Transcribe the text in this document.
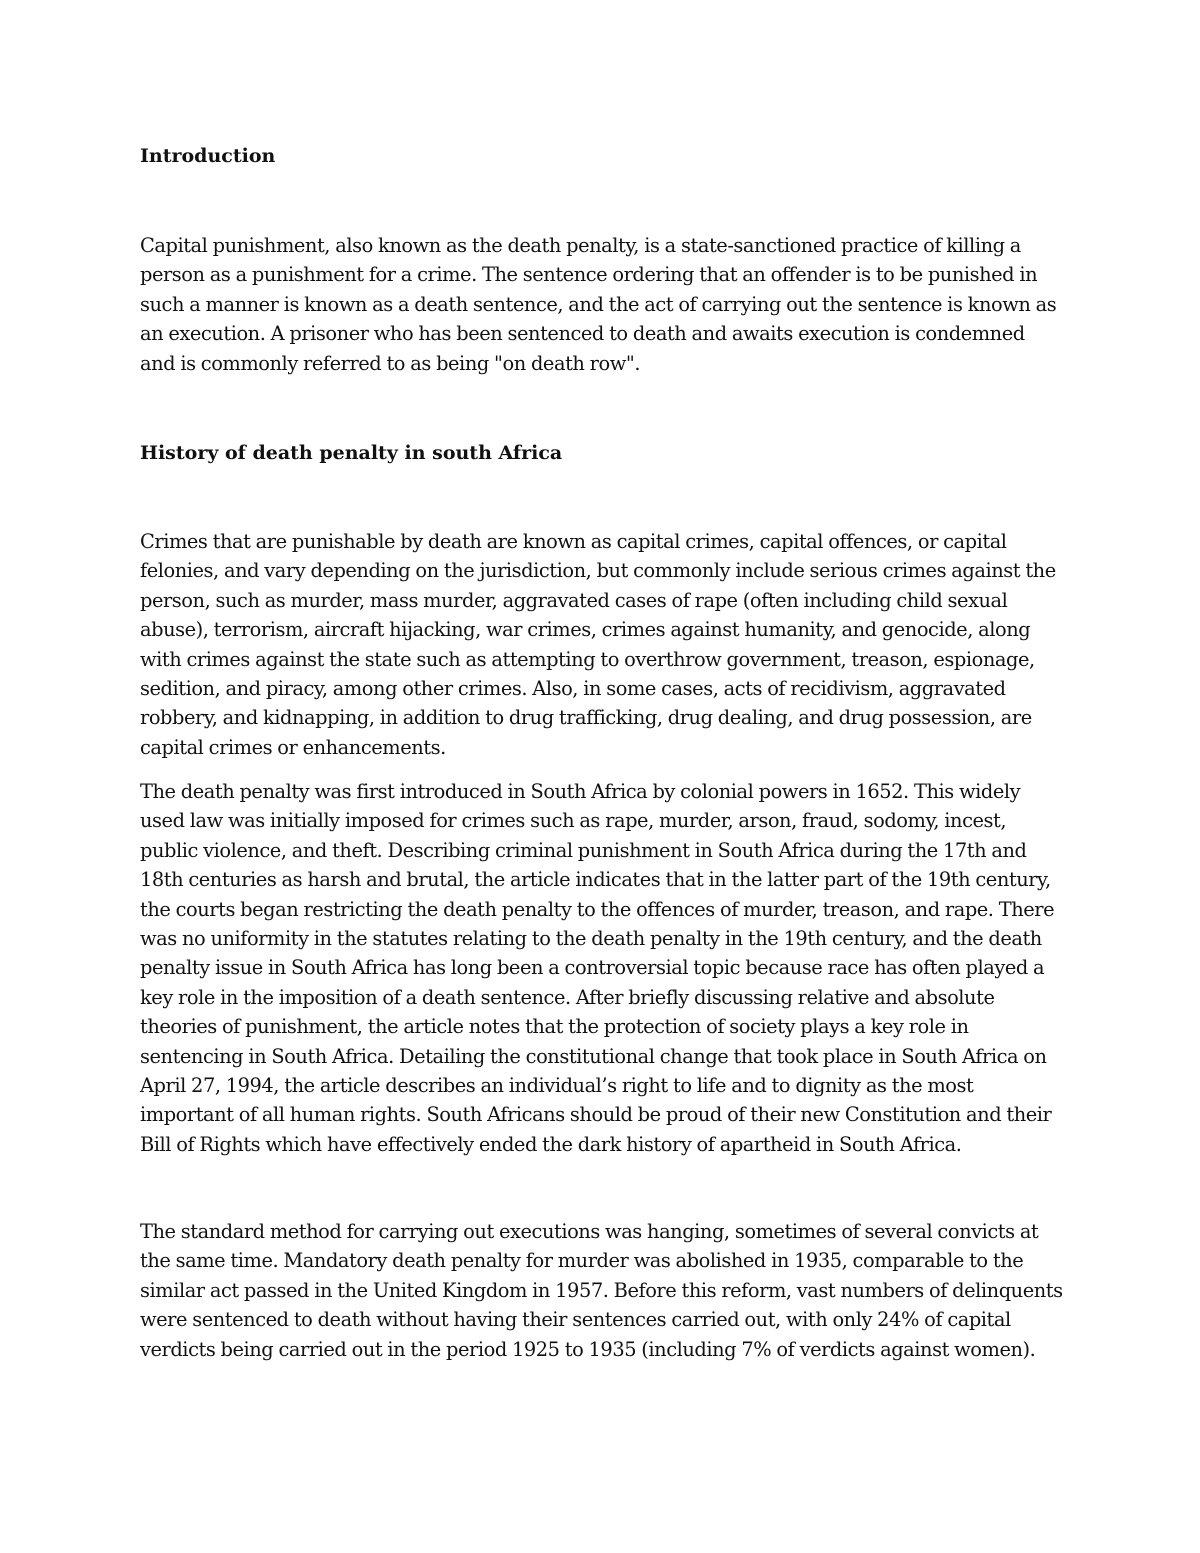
Introduction

Capital punishment, also known as the death penalty, is a state-sanctioned practice of killing a person as a punishment for a crime. The sentence ordering that an offender is to be punished in such a manner is known as a death sentence, and the act of carrying out the sentence is known as an execution. A prisoner who has been sentenced to death and awaits execution is condemned and is commonly referred to as being "on death row".

History of death penalty in south Africa

Crimes that are punishable by death are known as capital crimes, capital offences, or capital felonies, and vary depending on the jurisdiction, but commonly include serious crimes against the person, such as murder, mass murder, aggravated cases of rape (often including child sexual abuse), terrorism, aircraft hijacking, war crimes, crimes against humanity, and genocide, along with crimes against the state such as attempting to overthrow government, treason, espionage, sedition, and piracy, among other crimes. Also, in some cases, acts of recidivism, aggravated robbery, and kidnapping, in addition to drug trafficking, drug dealing, and drug possession, are capital crimes or enhancements.

The death penalty was first introduced in South Africa by colonial powers in 1652. This widely used law was initially imposed for crimes such as rape, murder, arson, fraud, sodomy, incest, public violence, and theft. Describing criminal punishment in South Africa during the 17th and 18th centuries as harsh and brutal, the article indicates that in the latter part of the 19th century, the courts began restricting the death penalty to the offences of murder, treason, and rape. There was no uniformity in the statutes relating to the death penalty in the 19th century, and the death penalty issue in South Africa has long been a controversial topic because race has often played a key role in the imposition of a death sentence. After briefly discussing relative and absolute theories of punishment, the article notes that the protection of society plays a key role in sentencing in South Africa. Detailing the constitutional change that took place in South Africa on April 27, 1994, the article describes an individual’s right to life and to dignity as the most important of all human rights. South Africans should be proud of their new Constitution and their Bill of Rights which have effectively ended the dark history of apartheid in South Africa.

The standard method for carrying out executions was hanging, sometimes of several convicts at the same time. Mandatory death penalty for murder was abolished in 1935, comparable to the similar act passed in the United Kingdom in 1957. Before this reform, vast numbers of delinquents were sentenced to death without having their sentences carried out, with only 24% of capital verdicts being carried out in the period 1925 to 1935 (including 7% of verdicts against women).
